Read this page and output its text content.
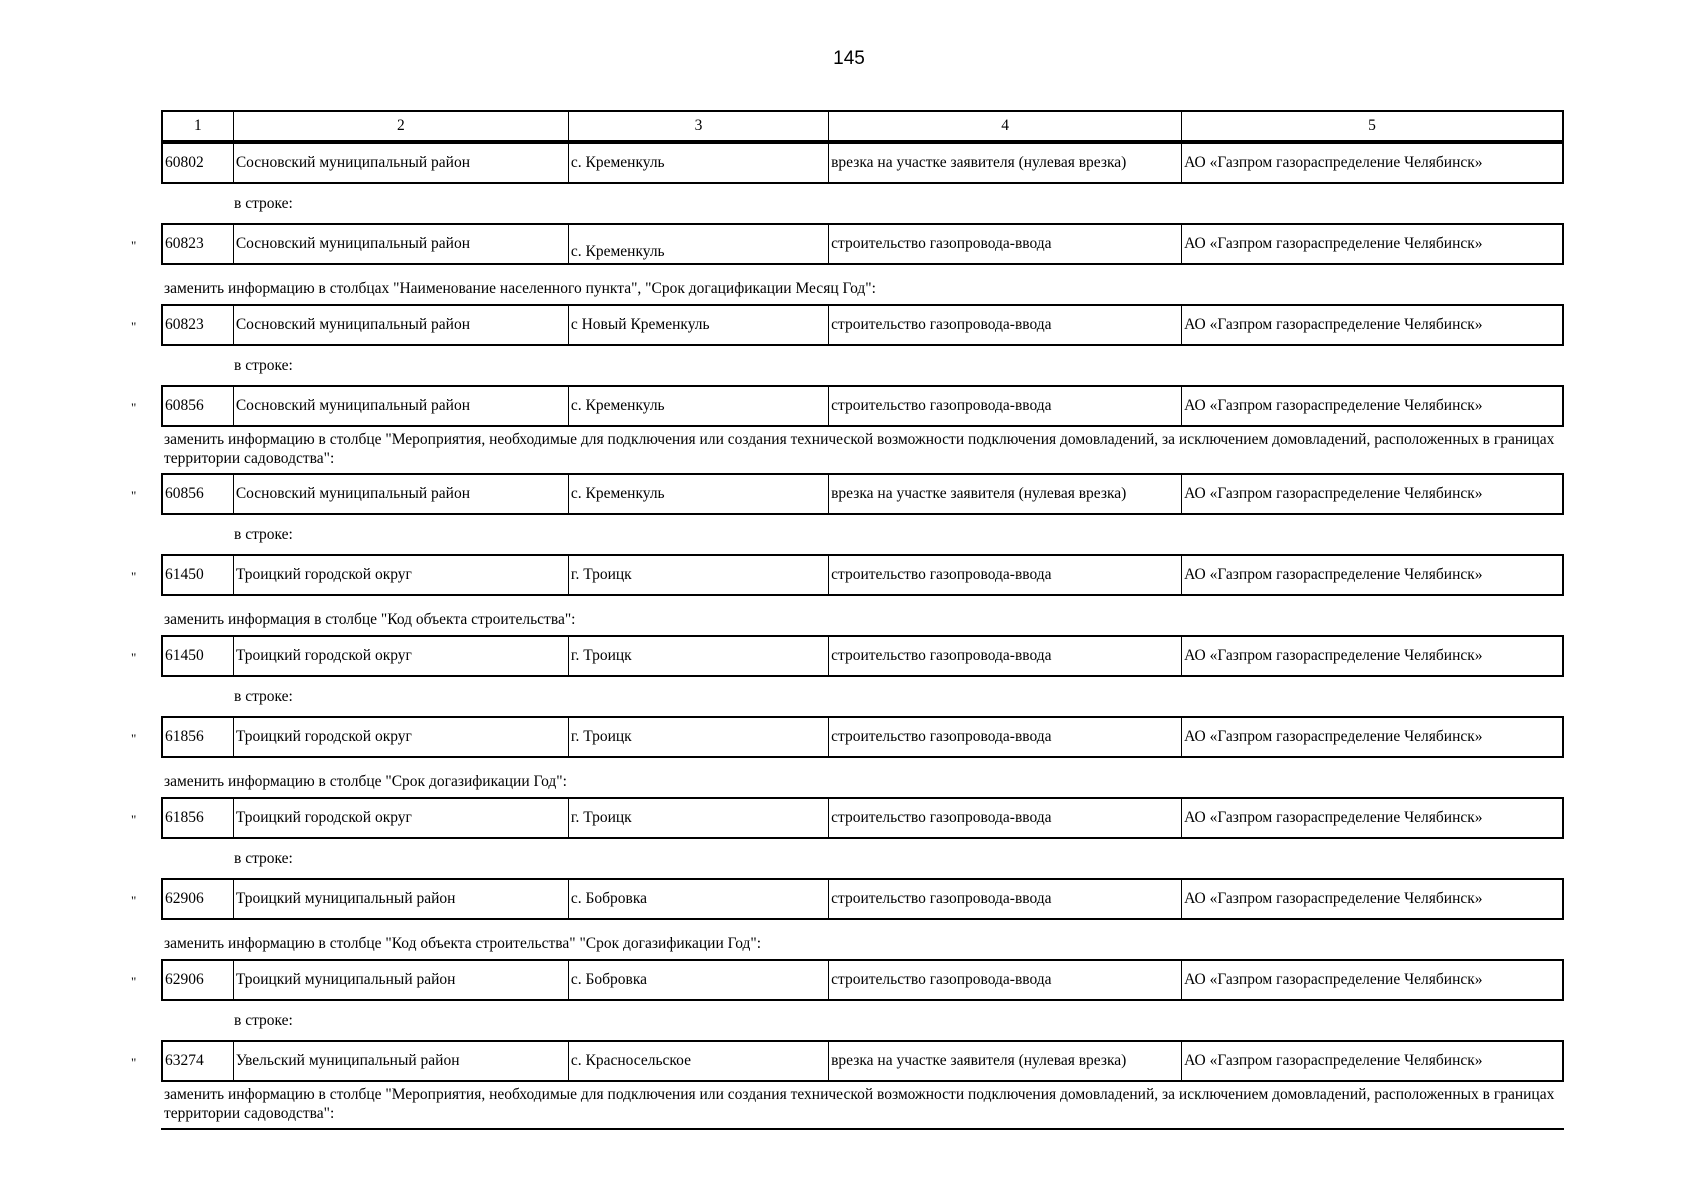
145
1	2	3	4	5
60802	Сосновский муниципальный район	с. Кременкуль	врезка на участке заявителя (нулевая врезка)	АО «Газпром газораспределение Челябинск»
в строке:
60823	Сосновский муниципальный район	с. Кременкуль	строительство газопровода-ввода	АО «Газпром газораспределение Челябинск»
"
заменить информацию в столбцах "Наименование населенного пункта", "Срок догацификации Месяц Год":
60823	Сосновский муниципальный район	с Новый Кременкуль	строительство газопровода-ввода	АО «Газпром газораспределение Челябинск»
"
в строке:
60856	Сосновский муниципальный район	с. Кременкуль	строительство газопровода-ввода	АО «Газпром газораспределение Челябинск»
"
заменить информацию в столбце "Мероприятия, необходимые для подключения или создания технической возможности подключения домовладений, за исключением домовладений, расположенных в границах территории садоводства":
60856	Сосновский муниципальный район	с. Кременкуль	врезка на участке заявителя (нулевая врезка)	АО «Газпром газораспределение Челябинск»
"
в строке:
61450	Троицкий городской округ	г. Троицк	строительство газопровода-ввода	АО «Газпром газораспределение Челябинск»
"
заменить информация в столбце "Код объекта строительства":
61450	Троицкий городской округ	г. Троицк	строительство газопровода-ввода	АО «Газпром газораспределение Челябинск»
"
в строке:
61856	Троицкий городской округ	г. Троицк	строительство газопровода-ввода	АО «Газпром газораспределение Челябинск»
"
заменить информацию в столбце "Срок догазификации Год":
61856	Троицкий городской округ	г. Троицк	строительство газопровода-ввода	АО «Газпром газораспределение Челябинск»
"
в строке:
62906	Троицкий муниципальный район	с. Бобровка	строительство газопровода-ввода	АО «Газпром газораспределение Челябинск»
"
заменить информацию в столбце "Код объекта строительства" "Срок догазификации Год":
62906	Троицкий муниципальный район	с. Бобровка	строительство газопровода-ввода	АО «Газпром газораспределение Челябинск»
"
в строке:
63274	Увельский муниципальный район	с. Красносельское	врезка на участке заявителя (нулевая врезка)	АО «Газпром газораспределение Челябинск»
"
заменить информацию в столбце "Мероприятия, необходимые для подключения или создания технической возможности подключения домовладений, за исключением домовладений, расположенных в границах территории садоводства":
